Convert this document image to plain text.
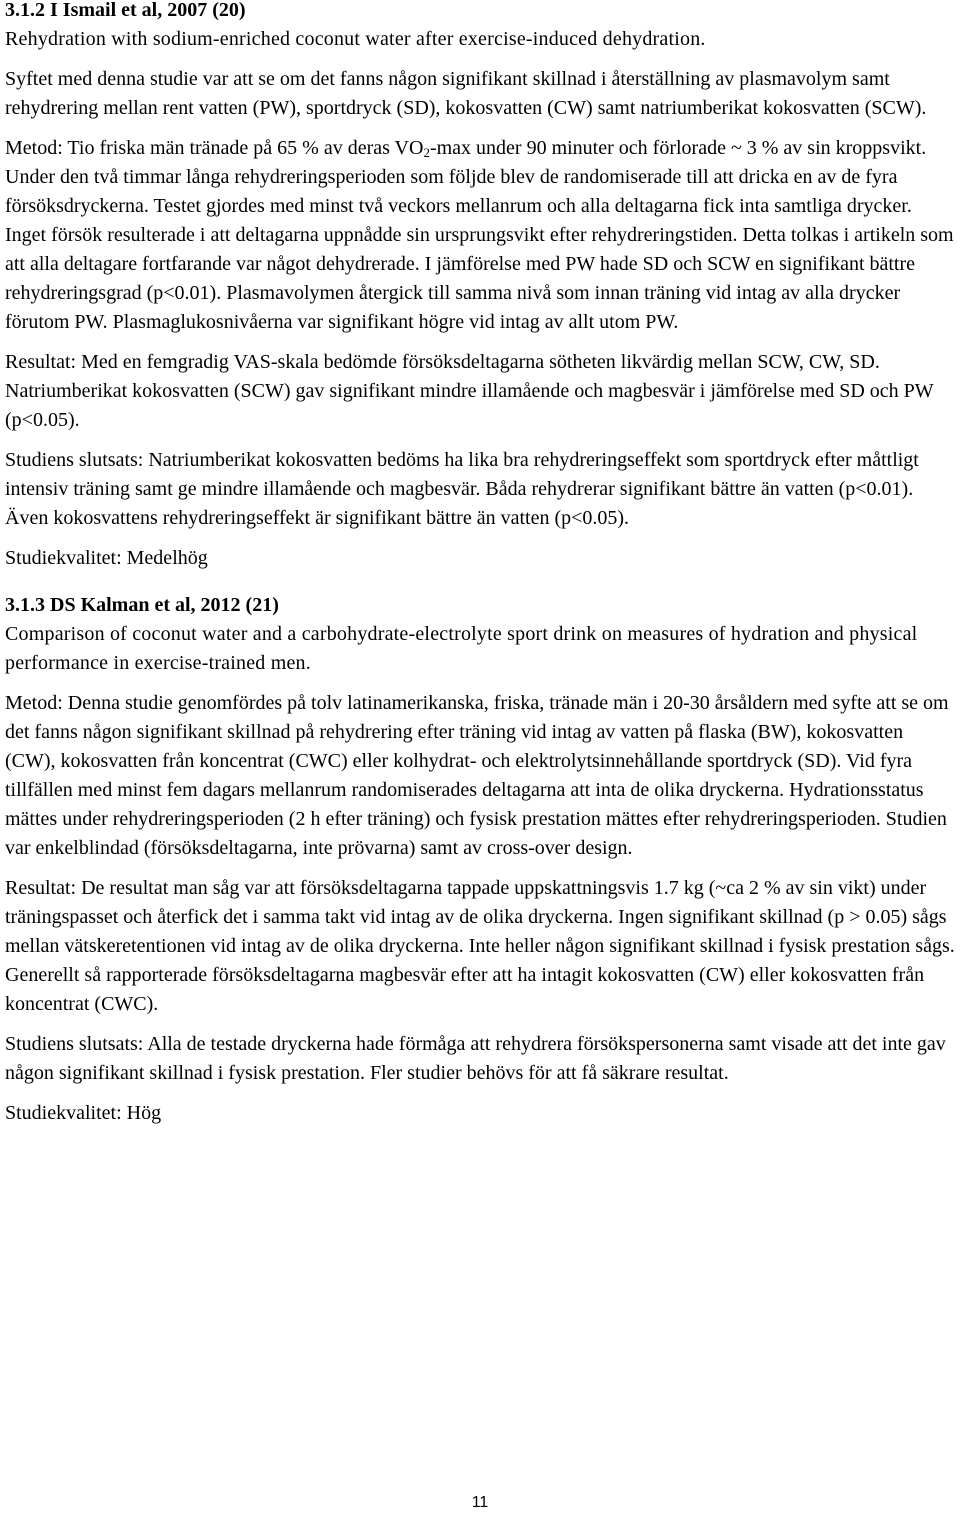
3.1.2 I Ismail et al, 2007 (20)
Rehydration with sodium-enriched coconut water after exercise-induced dehydration.

Syftet med denna studie var att se om det fanns någon signifikant skillnad i återställning av plasmavolym samt rehydrering mellan rent vatten (PW), sportdryck (SD), kokosvatten (CW) samt natriumberikat kokosvatten (SCW).

Metod: Tio friska män tränade på 65 % av deras $VO_2-\max$ under 90 minuter och förlorade ~ 3 % av sin kroppsvikt. Under den två timmar långa rehydreringsperioden som följde blev de randomiserade till att dricka en av de fyra försöksdryckerna. Testet gjordes med minst två veckors mellanrum och alla deltagarna fick inta samtliga drycker. Inget försök resulterade i att deltagarna uppnådde sin ursprungsvikt efter rehydreringstiden. Detta tolkas i artikeln som att alla deltagare fortfarande var något dehydrerade. I jämförelse med PW hade SD och SCW en signifikant bättre rehydreringsgrad (p<0.01). Plasmavolymen återgick till samma nivå som innan träning vid intag av alla drycker förutom PW. Plasmaglukosnivåerna var signifikant högre vid intag av allt utom PW.

Resultat: Med en femgradig VAS-skala bedömde försöksdeltagarna sötheten likvärdig mellan SCW, CW, SD. Natriumberikat kokosvatten (SCW) gav signifikant mindre illamående och magbesvär i jämförelse med SD och PW (p<0.05).

Studiens slutsats: Natriumberikat kokosvatten bedöms ha lika bra rehydreringseffekt som sportdryck efter måttligt intensiv träning samt ge mindre illamående och magbesvär. Båda rehydrerar signifikant bättre än vatten (p<0.01). Även kokosvattens rehydreringseffekt är signifikant bättre än vatten (p<0.05).

Studiekvalitet: Medelhög

3.1.3 DS Kalman et al, 2012 (21)
Comparison of coconut water and a carbohydrate-electrolyte sport drink on measures of hydration and physical performance in exercise-trained men.

Metod: Denna studie genomfördes på tolv latinamerikanska, friska, tränade män i 20-30 årsåldern med syfte att se om det fanns någon signifikant skillnad på rehydrering efter träning vid intag av vatten på flaska (BW), kokosvatten (CW), kokosvatten från koncentrat (CWC) eller kolhydrat- och elektrolytsinnehållande sportdryck (SD). Vid fyra tillfällen med minst fem dagars mellanrum randomiserades deltagarna att inta de olika dryckerna. Hydrationsstatus mättes under rehydreringsperioden (2 h efter träning) och fysisk prestation mättes efter rehydreringsperioden. Studien var enkelblindad (försöksdeltagarna, inte prövarna) samt av cross-over design.

Resultat: De resultat man såg var att försöksdeltagarna tappade uppskattningsvis 1.7 kg (~ca 2 % av sin vikt) under träningspasset och återfick det i samma takt vid intag av de olika dryckerna. Ingen signifikant skillnad (p > 0.05) sågs mellan vätskeretentionen vid intag av de olika dryckerna. Inte heller någon signifikant skillnad i fysisk prestation sågs. Generellt så rapporterade försöksdeltagarna magbesvär efter att ha intagit kokosvatten (CW) eller kokosvatten från koncentrat (CWC).

Studiens slutsats: Alla de testade dryckerna hade förmåga att rehydrera försökspersonerna samt visade att det inte gav någon signifikant skillnad i fysisk prestation. Fler studier behövs för att få säkrare resultat.

Studiekvalitet: Hög

11
